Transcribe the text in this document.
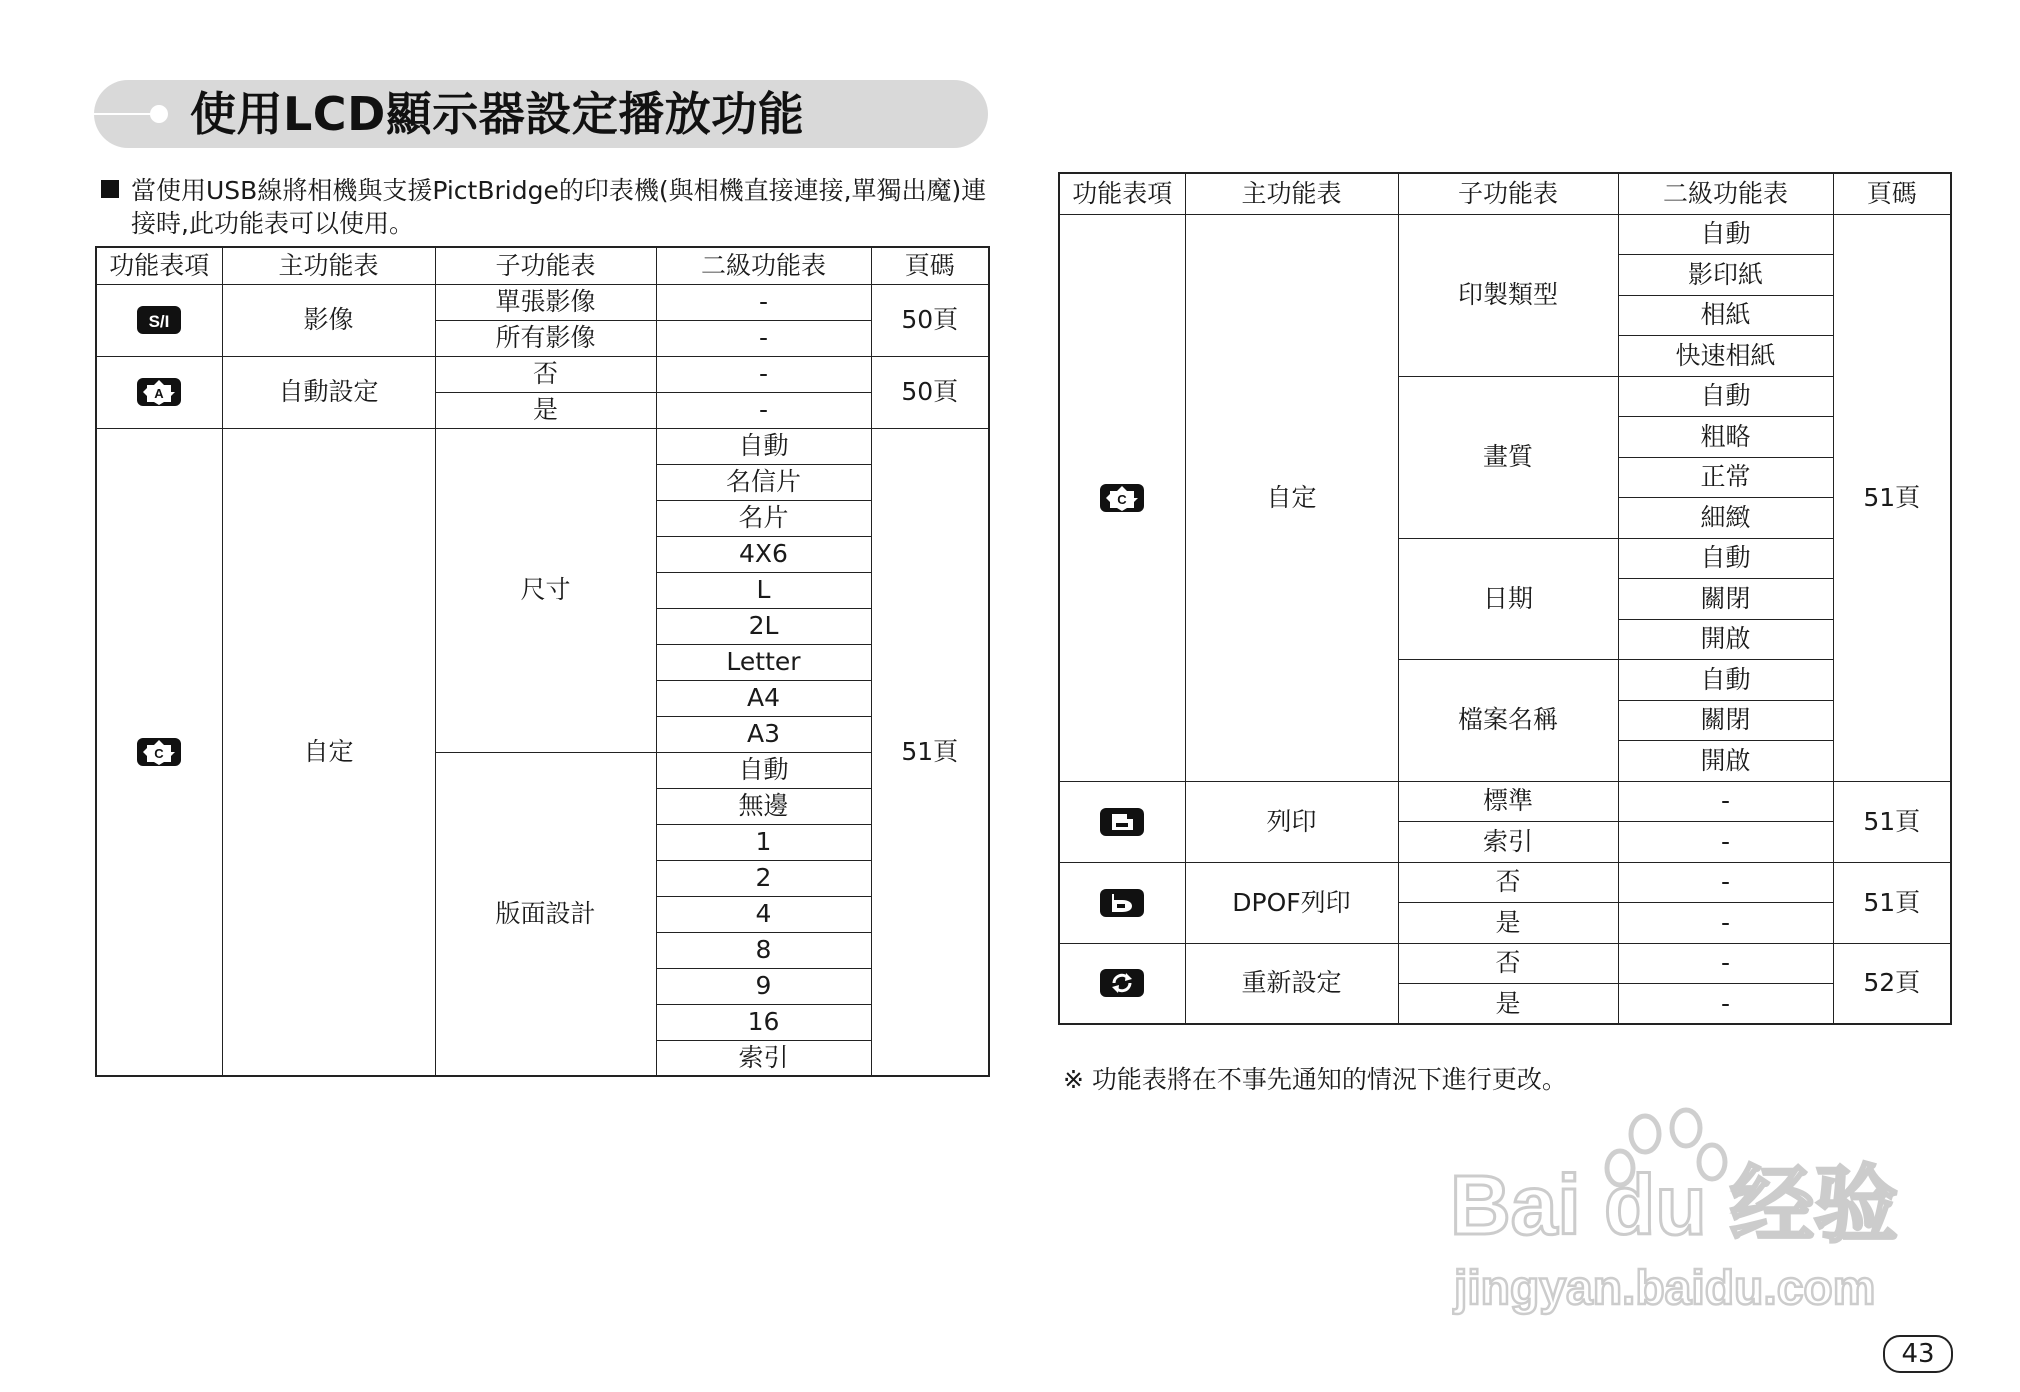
使用LCD顯示器設定播放功能
當使用USB線將相機與支援PictBridge的印表機(與相機直接連接,單獨出魔)連
接時,此功能表可以使用。
功能表項	主功能表	子功能表	二級功能表	頁碼

S/I	影像	單張影像	-	50頁
		所有影像	-	

A	自動設定	否	-	50頁
		是	-	

C	自定	尺寸	自動	51頁
			名信片	
			名片	
			4X6	
			L	
			2L	
			Letter	
			A4	
			A3	
		版面設計	自動	
			無邊	
			1	
			2	
			4	
			8	
			9	
			16	
			索引	
功能表項	主功能表	子功能表	二級功能表	頁碼

C	自定	印製類型	自動	51頁
			影印紙	
			相紙	
			快速相紙	
		畫質	自動	
			粗略	
			正常	
			細緻	
		日期	自動	
			關閉	
			開啟	
		檔案名稱	自動	
			關閉	
			開啟	

	列印	標準	-	51頁
		索引	-	

	DPOF列印	否	-	51頁
		是	-	

	重新設定	否	-	52頁
		是	-	
※ 功能表將在不事先通知的情況下進行更改。
Bai du 经验
jingyan.baidu.com
43
